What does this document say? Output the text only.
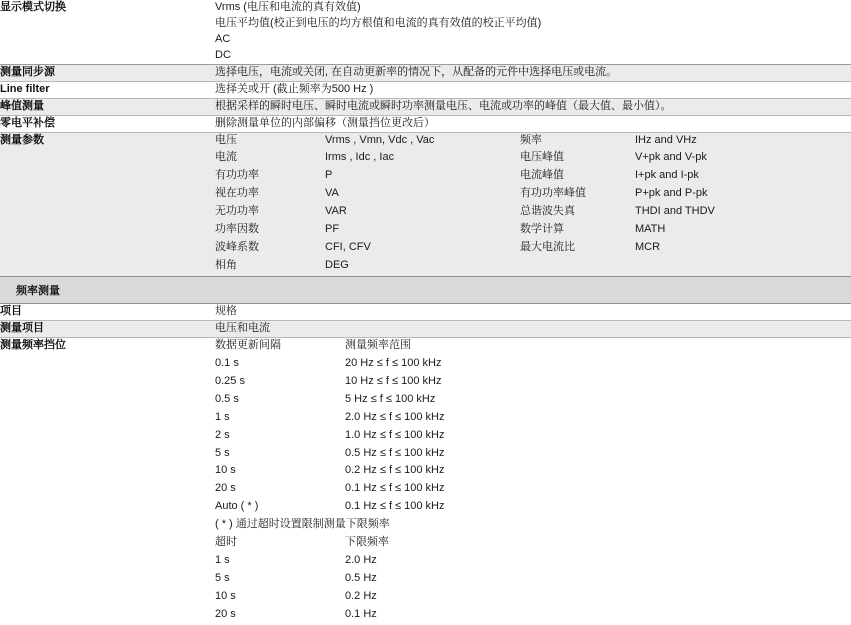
显示模式切换	Vrms (电压和电流的真有效值)
电压平均值(校正到电压的均方根值和电流的真有效值的校正平均值)
AC
DC

测量同步源	选择电压，电流或关闭, 在自动更新率的情况下，从配备的元件中选择电压或电流。

Line filter	选择关或开 (截止频率为500 Hz )

峰值测量	根据采样的瞬时电压、瞬时电流或瞬时功率测量电压、电流或功率的峰值（最大值、最小值）。

零电平补偿	删除测量单位的内部偏移（测量挡位更改后）

测量参数		电压	Vrms , Vmn, Vdc , Vac	频率	IHz and VHz
电流	Irms , Idc , Iac	电压峰值	V+pk and V-pk
有功功率	P	电流峰值	I+pk and I-pk
视在功率	VA	有功功率峰值	P+pk and P-pk
无功功率	VAR	总谐波失真	THDI and THDV
功率因数	PF	数学计算	MATH
波峰系数	CFI, CFV	最大电流比	MCR
相角	DEG		

频率测量
项目	规格

测量项目	电压和电流

测量频率挡位		数据更新间隔	测量频率范围
0.1 s	20 Hz ≤ f ≤ 100 kHz
0.25 s	10 Hz ≤ f ≤ 100 kHz
0.5 s	5 Hz ≤ f ≤ 100 kHz
1 s	2.0 Hz ≤ f ≤ 100 kHz
2 s	1.0 Hz ≤ f ≤ 100 kHz
5 s	0.5 Hz ≤ f ≤ 100 kHz
10 s	0.2 Hz ≤ f ≤ 100 kHz
20 s	0.1 Hz ≤ f ≤ 100 kHz
Auto ( * )	0.1 Hz ≤ f ≤ 100 kHz
( * ) 通过超时设置限制测量下限频率
超时	下限频率
1 s	2.0 Hz
5 s	0.5 Hz
10 s	0.2 Hz
20 s	0.1 Hz
